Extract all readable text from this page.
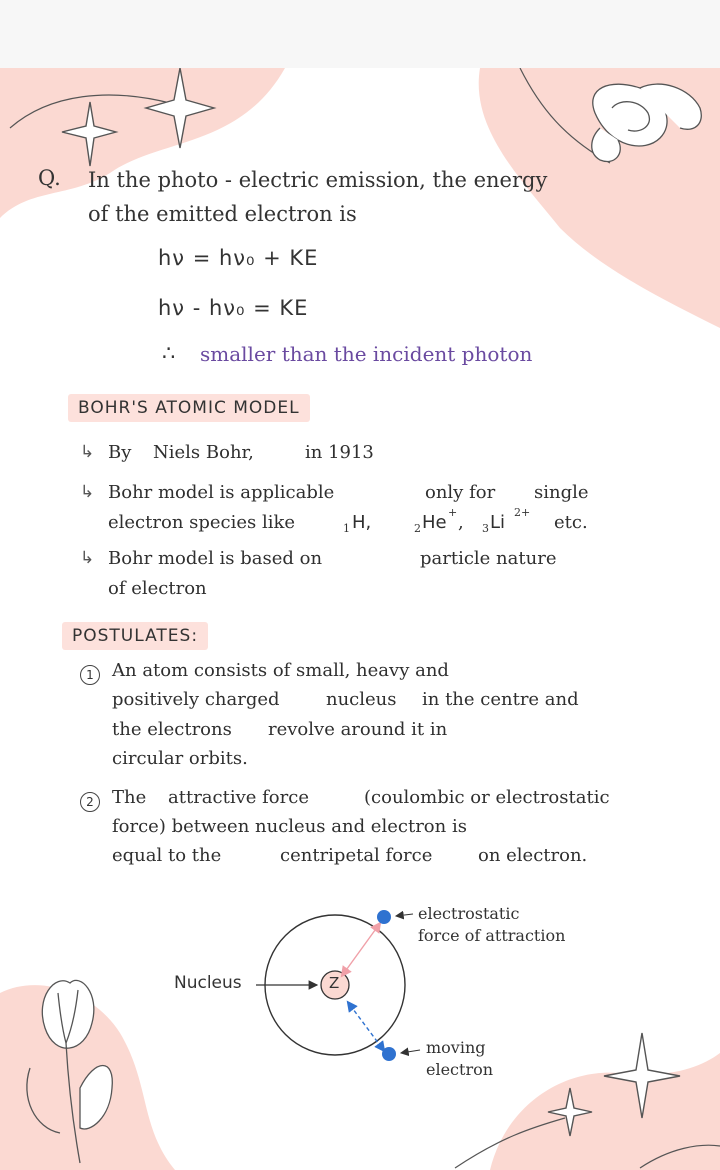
Q. In the photo - electric emission, the energy
of the emitted electron is
hν = hν₀ + KE
hν - hν₀ = KE
∴ smaller than the incident photon
BOHR'S ATOMIC MODEL
↳ By Niels Bohr,	in 1913
↳ Bohr model is applicable	only for single
electron species like	1 H,	2 He + , 3 Li 2+ etc.
↳ Bohr model is based on	particle nature
of electron
POSTULATES:
1	An atom consists of small, heavy and
positively charged	nucleus in the centre and
the electrons revolve around it in
circular orbits.
2	The attractive force	(coulombic or electrostatic
force) between nucleus and electron is
equal to the	centripetal force	on electron.
Z
Nucleus
electrostatic
force of attraction
moving
electron
